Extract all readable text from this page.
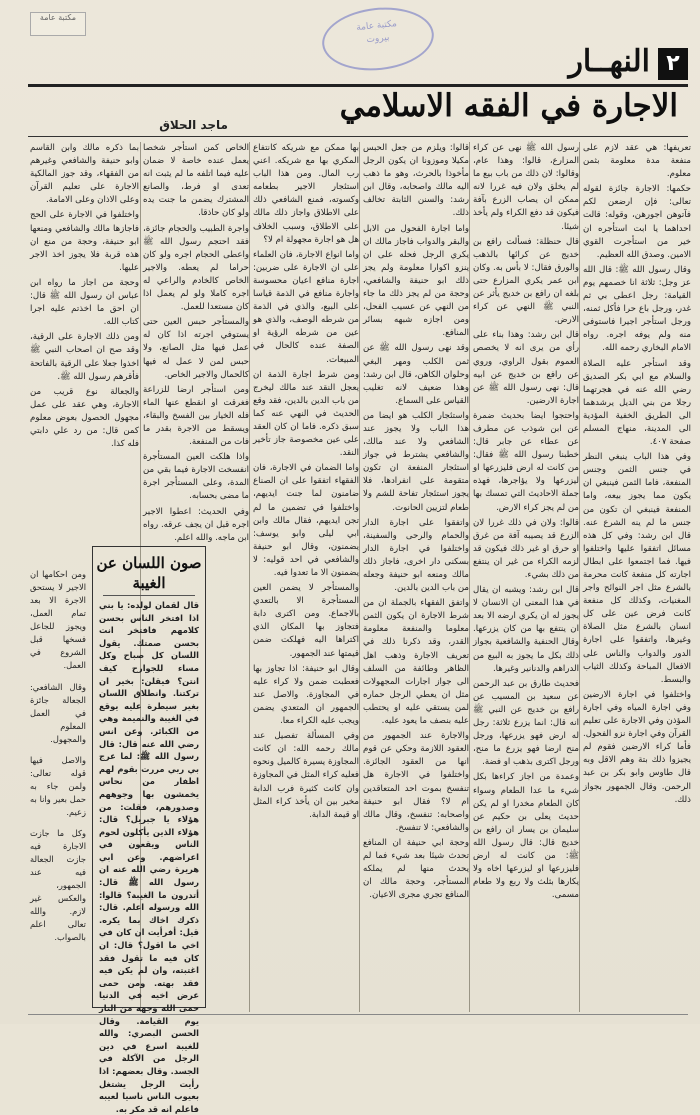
مكتبة عامة
مكتبة عامة
بيروت
النهــار ٢
الاجارة في الفقه الاسلامي
ماجد الحلاق

تعريفها: هي عقد لازم على منفعة مدة معلومة بثمن معلوم.

حكمها: الاجارة جائزة لقوله تعالى: فإن ارضعن لكم فآتوهن اجورهن، وقوله: قالت احداهما يا ابت استأجره ان خير من استأجرت القوي الامين. وصدق الله العظيم.

وقال رسول الله ﷺ: قال الله عز وجل: ثلاثة انا خصمهم يوم القيامة: رجل اعطى بي ثم غدر، ورجل باع حرا فأكل ثمنه، ورجل استأجر اجيرا فاستوفى منه ولم يوفه اجره. رواه الامام البخاري رحمه الله.

وقد استأجر عليه الصلاة والسلام مع ابي بكر الصديق رضي الله عنه في هجرتهما رجلا من بني الديل يرشدهما الى الطريق الخفية المؤدية الى المدينة، منهاج المسلم صفحة ٤٠٧.

وفي هذا الباب ينبغي النظر في جنس الثمن وجنس المنفعة، فاما الثمن فينبغي ان يكون مما يجوز بيعه، واما المنفعة فينبغي ان تكون من جنس ما لم ينه الشرع عنه. قال ابن رشد: وفي كل هذه مسائل اتفقوا عليها واختلفوا فيها. فما اجتمعوا على ابطال اجارته كل منفعة كانت محرمة بالشرع مثل اجر النوائح واجر المغنيات، وكذلك كل منفعة كانت فرض عين على كل انسان بالشرع مثل الصلاة وغيرها، واتفقوا على اجارة الدور والدواب والناس على الافعال المباحة وكذلك الثياب والبسط.

واختلفوا في اجارة الارضين وفي اجارة المياه وفي اجارة المؤذن وفي الاجارة على تعليم القرآن وفي اجارة نزو الفحول. فأما كراء الارضين فقوم لم يجيزوا ذلك بتة وهم الاقل وبه قال طاوس وابو بكر بن عبد الرحمن. وقال الجمهور بجواز ذلك.

رسول الله ﷺ نهى عن كراء المزارع، قالوا: وهذا عام، وقالوا: لان ذلك من باب بيع ما لم يخلق ولان فيه غررا لانه ممكن ان يصاب الزرع بآفة فيكون قد دفع الكراء ولم يأخذ شيئا.

قال حنظلة: فسألت رافع بن خديج عن كرائها بالذهب والورق فقال: لا بأس به. وكان ابن عمر يكري المزارع حتى بلغه ان رافع بن خديج يأثر عن النبي ﷺ النهي عن كراء الارض.

قال ابن رشد: وهذا بناء على رأي من يرى انه لا يخصص العموم بقول الراوي، وروي عن رافع بن خديج عن ابيه قال: نهى رسول الله ﷺ عن اجارة الارضين.

واحتجوا ايضا بحديث ضمرة عن ابن شوذب عن مطرف عن عطاء عن جابر قال: خطبنا رسول الله ﷺ فقال: من كانت له ارض فليزرعها او ليزرعها ولا يؤاجرها، فهذه جملة الاحاديث التي تمسك بها من لم يجز كراء الارض.

قالوا: ولان في ذلك غررا لان الزرع قد يصيبه آفة من غرق او حرق او غير ذلك فيكون قد لزمه الكراء من غير ان ينتفع من ذلك بشيء.

قال ابن رشد: ويشبه ان يقال في هذا المعنى ان الانسان لا يجوز له ان يكري ارضه الا بعد ان ينتفع بها من كان يزرعها. وقال الحنفية والشافعية بجواز ذلك بكل ما يجوز به البيع من الدراهم والدنانير وغيرها.

فحديث طارق بن عبد الرحمن عن سعيد بن المسيب عن رافع بن خديج عن النبي ﷺ انه قال: انما يزرع ثلاثة: رجل له ارض فهو يزرعها، ورجل منح ارضا فهو يزرع ما منح، ورجل اكترى بذهب او فضة.

وعمدة من اجاز كراءها بكل شيء ما عدا الطعام وسواء كان الطعام مخدرا او لم يكن حديث يعلى بن حكيم عن سليمان بن يسار ان رافع بن خديج قال: قال رسول الله ﷺ: من كانت له ارض فليزرعها او ليزرعها اخاه ولا يكارها بثلث ولا ربع ولا طعام مسمى.

قالوا: ويلزم من جعل الحبس مكيلا وموزونا ان يكون الرجل مأخوذا بالحرث، وهو ما ذهب اليه مالك واصحابه، وقال ابن رشد: والسنن الثابتة تخالف ذلك.

واما اجارة الفحول من الابل والبقر والدواب فاجاز مالك ان يكري الرجل فحله على ان ينزو اكوارا معلومة ولم يجز ذلك ابو حنيفة والشافعي، وحجة من لم يجز ذلك ما جاء من النهي عن عسيب الفحل، ومن اجازه شبهه بسائر المنافع.

وقد نهى رسول الله ﷺ عن ثمن الكلب ومهر البغي وحلوان الكاهن، قال ابن رشد: وهذا ضعيف لانه تغليب القياس على السماع.

واستئجار الكلب هو ايضا من هذا الباب ولا يجوز عند الشافعي ولا عند مالك، والشافعي يشترط في جواز استئجار المنفعة ان تكون متقومة على انفرادها، فلا يجوز استئجار تفاحة للشم ولا طعام لتزيين الحانوت.

واتفقوا على اجارة الدار والحمام والرحى والسفينة، واختلفوا في اجارة الدار بسكنى دار اخرى، فاجاز ذلك مالك ومنعه ابو حنيفة وجعله من باب الدين بالدين.

واتفق الفقهاء بالجملة ان من شرط الاجارة ان يكون الثمن معلوما والمنفعة معلومة القدر، وقد ذكرنا ذلك في تعريف الاجارة وذهب اهل الظاهر وطائفة من السلف الى جواز اجارات المجهولات مثل ان يعطي الرجل حماره لمن يستقي عليه او يحتطب عليه بنصف ما يعود عليه.

والاجارة عند الجمهور من العقود اللازمة وحكي عن قوم انها من العقود الجائزة. واختلفوا في الاجارة هل تنفسخ بموت احد المتعاقدين ام لا؟ فقال ابو حنيفة واصحابه: تنفسخ، وقال مالك والشافعي: لا تنفسخ.

وحجة ابي حنيفة ان المنافع تحدث شيئا بعد شيء فما لم يحدث منها لم يملكه المستأجر، وحجة مالك ان المنافع تجري مجرى الاعيان.

بها ممكن مع شريكه كانتفاع المكري بها مع شريكه. اعني رب المال. ومن هذا الباب استئجار الاجير بطعامه وكسوته، فمنع الشافعي ذلك على الاطلاق واجاز ذلك مالك على الاطلاق، وسبب الخلاف هل هو اجارة مجهولة ام لا؟

واما انواع الاجارة، فان العلماء على ان الاجارة على ضربين: اجارة منافع اعيان محسوسة واجارة منافع في الذمة قياسا على البيع، والذي في الذمة من شرطه الوصف، والذي هو عين من شرطه الرؤية او الصفة عنده كالحال في المبيعات.

ومن شرط اجارة الذمة ان يعجل النقد عند مالك ليخرج من باب الدين بالدين، فقد وقع الحديث في النهي عنه كما سبق ذكره. فاما ان كان العقد على عين مخصوصة جاز تأخير النقد.

واما الضمان في الاجارة، فان الفقهاء اتفقوا على ان الصناع ضامنون لما جنت ايديهم، واختلفوا في تضمين ما لم تجن ايديهم، فقال مالك وابن ابي ليلى وابو يوسف: يضمنون، وقال ابو حنيفة والشافعي في احد قوليه: لا يضمنون الا ما تعدوا فيه.

والمستأجر لا يضمن العين المستأجرة الا بالتعدي بالاجماع. ومن اكترى دابة فتجاوز بها المكان الذي اكتراها اليه فهلكت ضمن قيمتها عند الجمهور.

وقال ابو حنيفة: اذا تجاوز بها فعطبت ضمن ولا كراء عليه في المجاوزة. والاصل عند الجمهور ان المتعدي يضمن ويجب عليه الكراء معا.

وفي المسألة تفصيل عند مالك رحمه الله: ان كانت المجاوزة يسيرة كالميل ونحوه فعليه كراء المثل في المجاوزة وان كانت كثيرة فرب الدابة مخير بين ان يأخذ كراء المثل او قيمة الدابة.

الخاص كمن استأجر شخصا يعمل عنده خاصة لا ضمان عليه فيما اتلفه ما لم يثبت انه تعدى او فرط، والصانع المشترك يضمن ما جنت يده ولو كان حاذقا.

واجرة الطبيب والحجام جائزة، فقد احتجم رسول الله ﷺ واعطى الحجام اجره ولو كان حراما لم يعطه. والاجير الخاص كالخادم والراعي له اجره كاملا ولو لم يعمل اذا كان مستعدا للعمل.

والمستأجر حبس العين حتى يستوفي اجرته اذا كان له عمل فيها مثل الصانع، ولا حبس لمن لا عمل له فيها كالحمال والاجير الخاص.

ومن استأجر ارضا للزراعة فغرقت او انقطع عنها الماء فله الخيار بين الفسخ والبقاء، ويسقط من الاجرة بقدر ما فات من المنفعة.

واذا هلكت العين المستأجرة انفسخت الاجارة فيما بقي من المدة، وعلى المستأجر اجرة ما مضى بحسابه.

وفي الحديث: اعطوا الاجير اجره قبل ان يجف عرقه. رواه ابن ماجه. والله اعلم.

بما ذكره مالك وابن القاسم وابو حنيفة والشافعي وغيرهم من الفقهاء، وقد جوز المالكية الاجارة على تعليم القرآن وعلى الاذان وعلى الامامة.

واختلفوا في الاجارة على الحج فاجازها مالك والشافعي ومنعها ابو حنيفة، وحجة من منع ان هذه قربة فلا يجوز اخذ الاجر عليها.

وحجة من اجاز ما رواه ابن عباس ان رسول الله ﷺ قال: ان احق ما اخذتم عليه اجرا كتاب الله.

ومن ذلك الاجارة على الرقية، وقد صح ان اصحاب النبي ﷺ اخذوا جعلا على الرقية بالفاتحة فأقرهم رسول الله ﷺ.

والجعالة نوع قريب من الاجارة، وهي عقد على عمل مجهول الحصول بعوض معلوم كمن قال: من رد علي دابتي فله كذا.

صون اللسان عن الغيبة
قال لقمان لولده: يا بني اذا افتخر الناس بحسن كلامهم فافتخر انت بحسن صمتك. يقول اللسان كل صباح وكل مساء للجوارح كيف انتن؟ فيقلن: بخير ان تركتنا. وانطلاق اللسان بغير سيطرة عليه يوقع في الغيبة والنميمة وهي من الكبائر. وعن انس رضي الله عنه قال: قال رسول الله ﷺ: لما عرج بي ربي مررت بقوم لهم اظفار من نحاس يخمشون بها وجوههم وصدورهم، فقلت: من هؤلاء يا جبريل؟ قال: هؤلاء الذين يأكلون لحوم الناس ويقعون في اعراضهم. وعن ابي هريرة رضي الله عنه ان رسول الله ﷺ قال: أتدرون ما الغيبة؟ قالوا: الله ورسوله اعلم. قال: ذكرك اخاك بما يكره. قيل: أفرأيت ان كان في اخي ما اقول؟ قال: ان كان فيه ما تقول فقد اغتبته، وان لم يكن فيه فقد بهته. ومن حمى عرض اخيه في الدنيا حمى الله وجهه من النار يوم القيامة. وقال الحسن البصري: والله للغيبة اسرع في دين الرجل من الآكلة في الجسد. وقال بعضهم: اذا رأيت الرجل يشتغل بعيوب الناس ناسيا لعيبه فاعلم انه قد مكر به.

ومن احكامها ان الاجير لا يستحق الاجرة الا بعد تمام العمل، ويجوز للجاعل فسخها قبل الشروع في العمل.

وقال الشافعي: الجعالة جائزة في العمل المعلوم والمجهول.

والاصل فيها قوله تعالى: ولمن جاء به حمل بعير وانا به زعيم.

وكل ما جازت الاجارة فيه جازت الجعالة فيه عند الجمهور، والعكس غير لازم. والله تعالى اعلم بالصواب.
